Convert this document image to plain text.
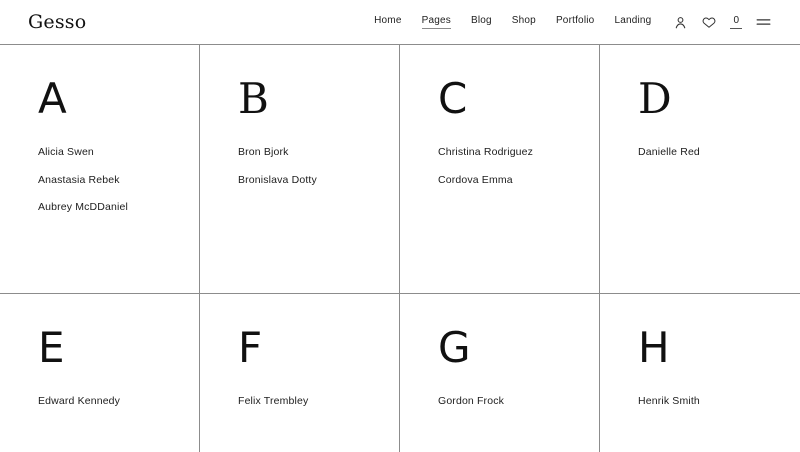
Gesso	Home Pages Blog Shop Portfolio Landing	0
A
Alicia Swen
Anastasia Rebek
Aubrey McDDaniel
B
Bron Bjork
Bronislava Dotty
C
Christina Rodriguez
Cordova Emma
D
Danielle Red
E
Edward Kennedy
F
Felix Trembley
G
Gordon Frock
H
Henrik Smith
